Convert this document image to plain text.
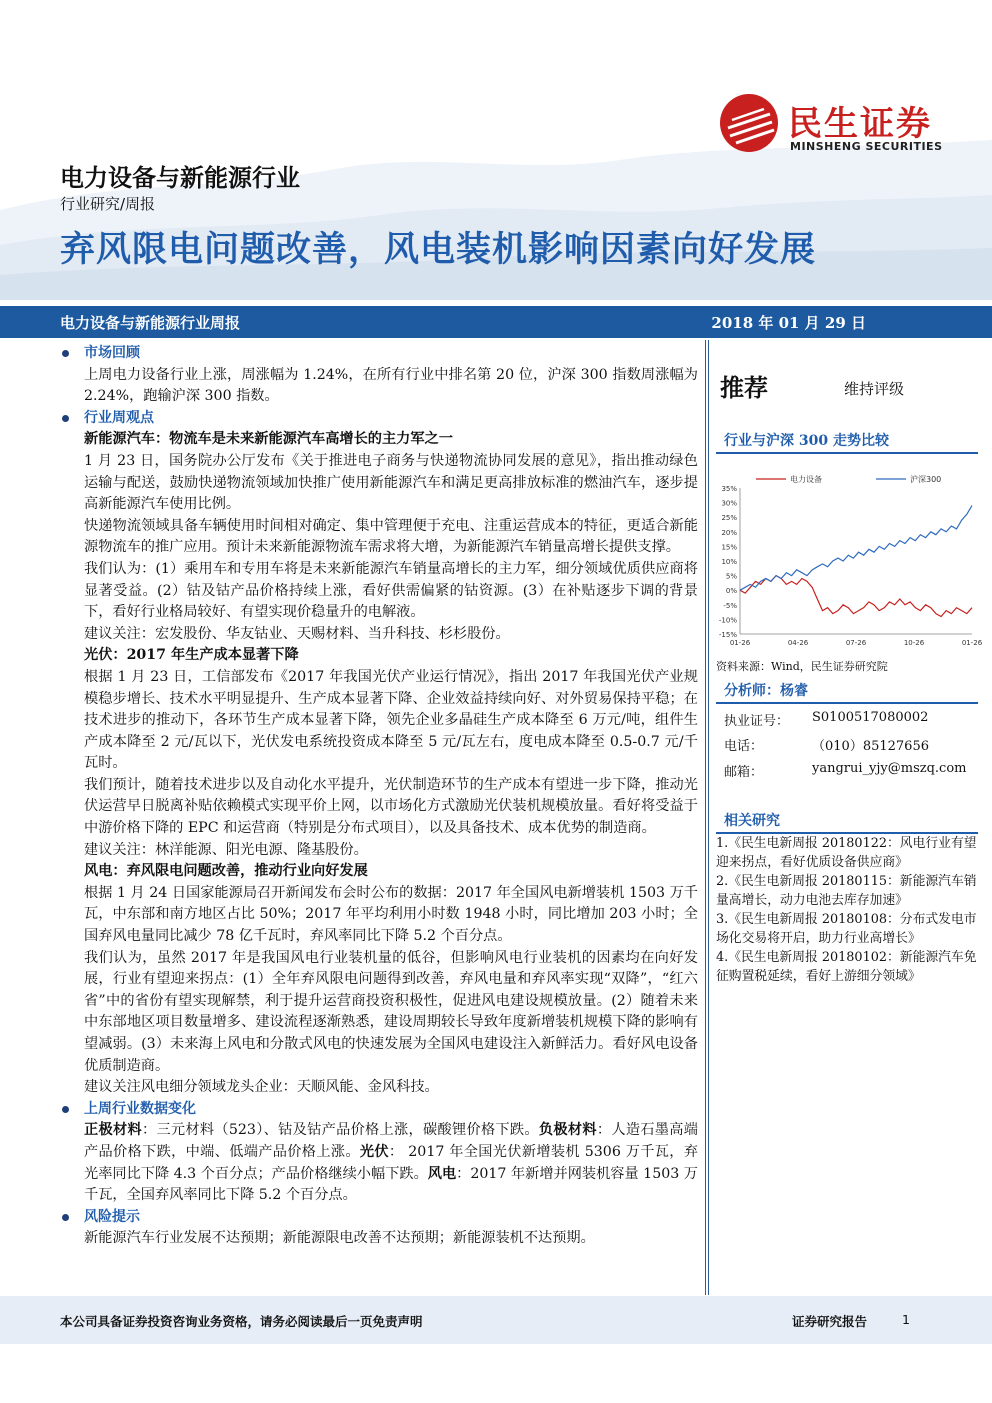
民生证券
MINSHENG SECURITIES
电力设备与新能源行业
行业研究/周报
弃风限电问题改善，风电装机影响因素向好发展
电力设备与新能源行业周报	2018 年 01 月 29 日
市场回顾

上周电力设备行业上涨，周涨幅为 1.24%，在所有行业中排名第 20 位，沪深 300 指数周涨幅为 2.24%，跑输沪深 300 指数。

行业周观点

新能源汽车：物流车是未来新能源汽车高增长的主力军之一

1 月 23 日，国务院办公厅发布《关于推进电子商务与快递物流协同发展的意见》，指出推动绿色运输与配送，鼓励快递物流领域加快推广使用新能源汽车和满足更高排放标准的燃油汽车，逐步提高新能源汽车使用比例。

快递物流领域具备车辆使用时间相对确定、集中管理便于充电、注重运营成本的特征，更适合新能源物流车的推广应用。预计未来新能源物流车需求将大增，为新能源汽车销量高增长提供支撑。

我们认为：(1）乘用车和专用车将是未来新能源汽车销量高增长的主力军，细分领域优质供应商将显著受益。(2）钴及钴产品价格持续上涨，看好供需偏紧的钴资源。(3）在补贴逐步下调的背景下，看好行业格局较好、有望实现价稳量升的电解液。

建议关注：宏发股份、华友钴业、天赐材料、当升科技、杉杉股份。

光伏：2017 年生产成本显著下降

根据 1 月 23 日，工信部发布《2017 年我国光伏产业运行情况》，指出 2017 年我国光伏产业规模稳步增长、技术水平明显提升、生产成本显著下降、企业效益持续向好、对外贸易保持平稳；在技术进步的推动下，各环节生产成本显著下降，领先企业多晶硅生产成本降至 6 万元/吨，组件生产成本降至 2 元/瓦以下，光伏发电系统投资成本降至 5 元/瓦左右，度电成本降至 0.5-0.7 元/千瓦时。

我们预计，随着技术进步以及自动化水平提升，光伏制造环节的生产成本有望进一步下降，推动光伏运营早日脱离补贴依赖模式实现平价上网，以市场化方式激励光伏装机规模放量。看好将受益于中游价格下降的 EPC 和运营商（特别是分布式项目），以及具备技术、成本优势的制造商。

建议关注：林洋能源、阳光电源、隆基股份。

风电：弃风限电问题改善，推动行业向好发展

根据 1 月 24 日国家能源局召开新闻发布会时公布的数据：2017 年全国风电新增装机 1503 万千瓦，中东部和南方地区占比 50%；2017 年平均利用小时数 1948 小时，同比增加 203 小时；全国弃风电量同比减少 78 亿千瓦时，弃风率同比下降 5.2 个百分点。

我们认为，虽然 2017 年是我国风电行业装机量的低谷，但影响风电行业装机的因素均在向好发展，行业有望迎来拐点：(1）全年弃风限电问题得到改善，弃风电量和弃风率实现“双降”，“红六省”中的省份有望实现解禁，利于提升运营商投资积极性，促进风电建设规模放量。(2）随着未来中东部地区项目数量增多、建设流程逐渐熟悉，建设周期较长导致年度新增装机规模下降的影响有望减弱。(3）未来海上风电和分散式风电的快速发展为全国风电建设注入新鲜活力。看好风电设备优质制造商。

建议关注风电细分领域龙头企业：天顺风能、金风科技。

上周行业数据变化

正极材料：三元材料（523）、钴及钴产品价格上涨，碳酸锂价格下跌。负极材料：人造石墨高端产品价格下跌，中端、低端产品价格上涨。光伏： 2017 年全国光伏新增装机 5306 万千瓦，弃光率同比下降 4.3 个百分点；产品价格继续小幅下跌。风电：2017 年新增并网装机容量 1503 万千瓦，全国弃风率同比下降 5.2 个百分点。

风险提示

新能源汽车行业发展不达预期；新能源限电改善不达预期；新能源装机不达预期。

推荐	维持评级
行业与沪深 300 走势比较
35%
30%
25%
20%
15%
10%
5%
0%
-5%
-10%
-15%
01-26	04-26	07-26	10-26	01-26
电力设备	沪深300
资料来源：Wind，民生证券研究院
分析师：杨睿
执业证号： S0100517080002
电话：	（010）85127656
邮箱：	yangrui_yjy@mszq.com
相关研究
1.《民生电新周报 20180122：风电行业有望迎来拐点，看好优质设备供应商》
2.《民生电新周报 20180115：新能源汽车销量高增长，动力电池去库存加速》
3.《民生电新周报 20180108：分布式发电市场化交易将开启，助力行业高增长》
4.《民生电新周报 20180102：新能源汽车免征购置税延续，看好上游细分领域》
本公司具备证券投资咨询业务资格，请务必阅读最后一页免责声明	证券研究报告	1
